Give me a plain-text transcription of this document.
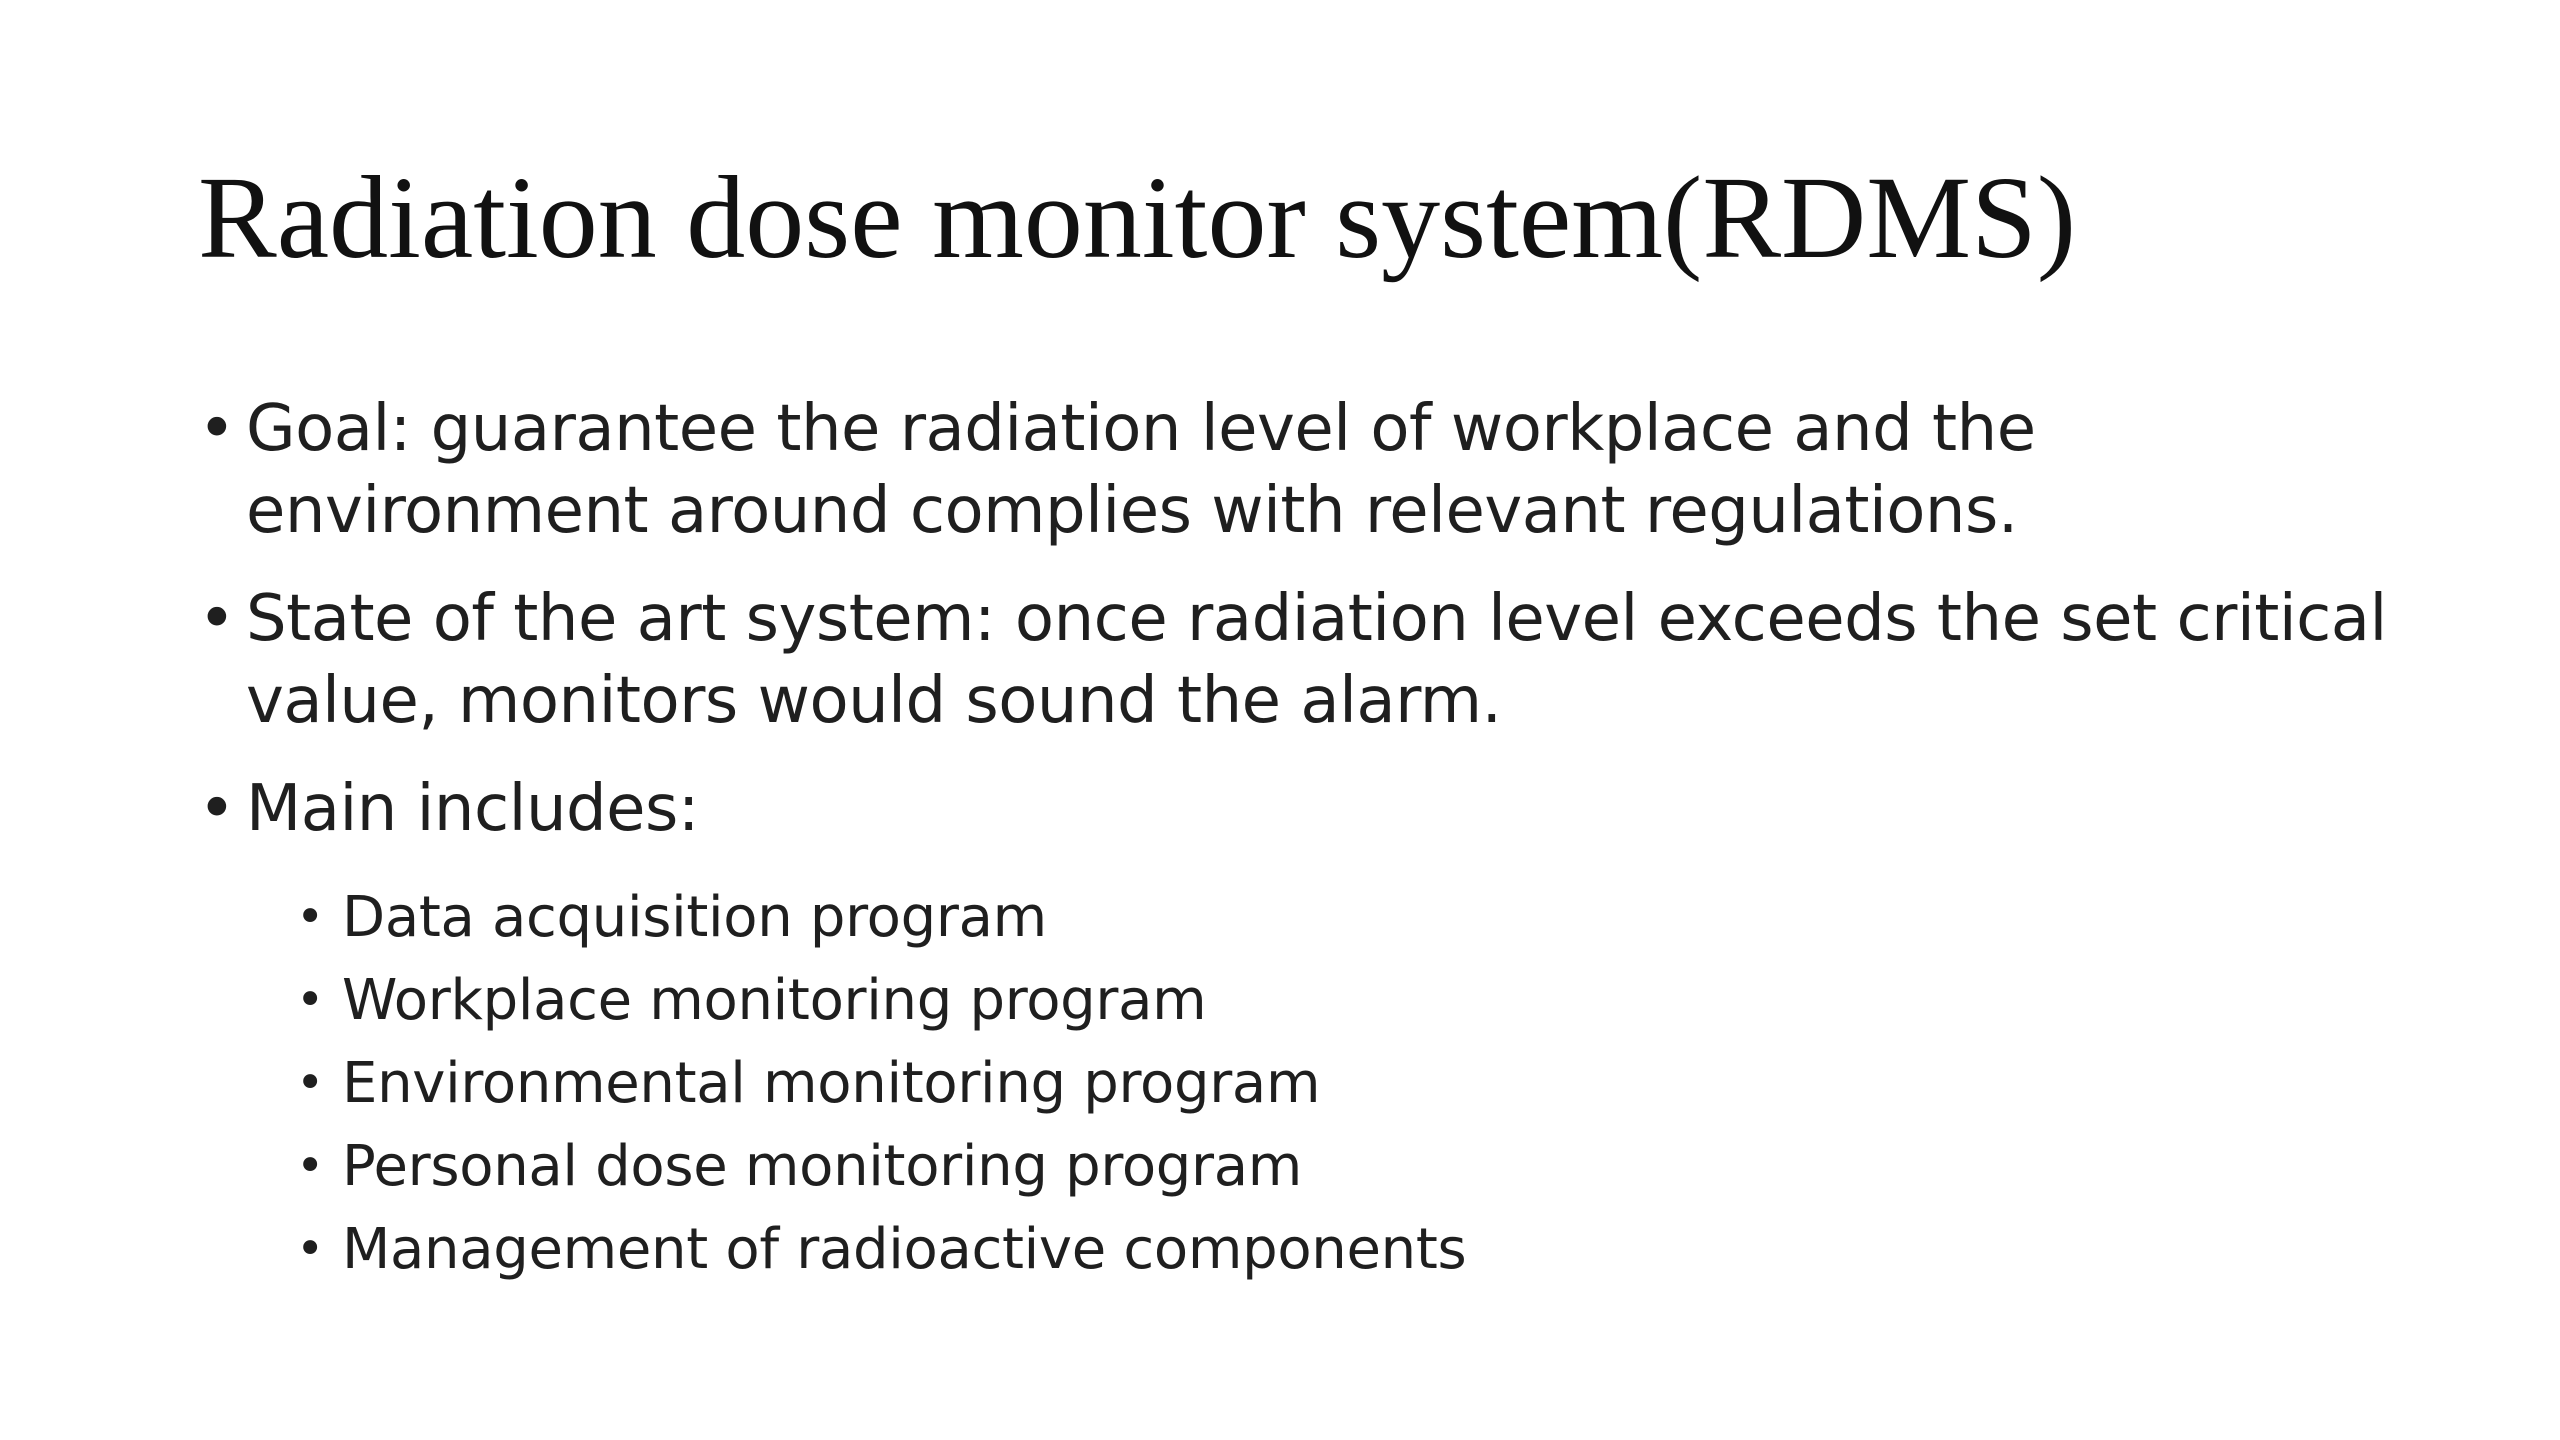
Radiation dose monitor system(RDMS)
• Goal: guarantee the radiation level of workplace and the environment around complies with relevant regulations.
• State of the art system: once radiation level exceeds the set critical value, monitors would sound the alarm.
• Main includes:
• Data acquisition program
• Workplace monitoring program
• Environmental monitoring program
• Personal dose monitoring program
• Management of radioactive components
